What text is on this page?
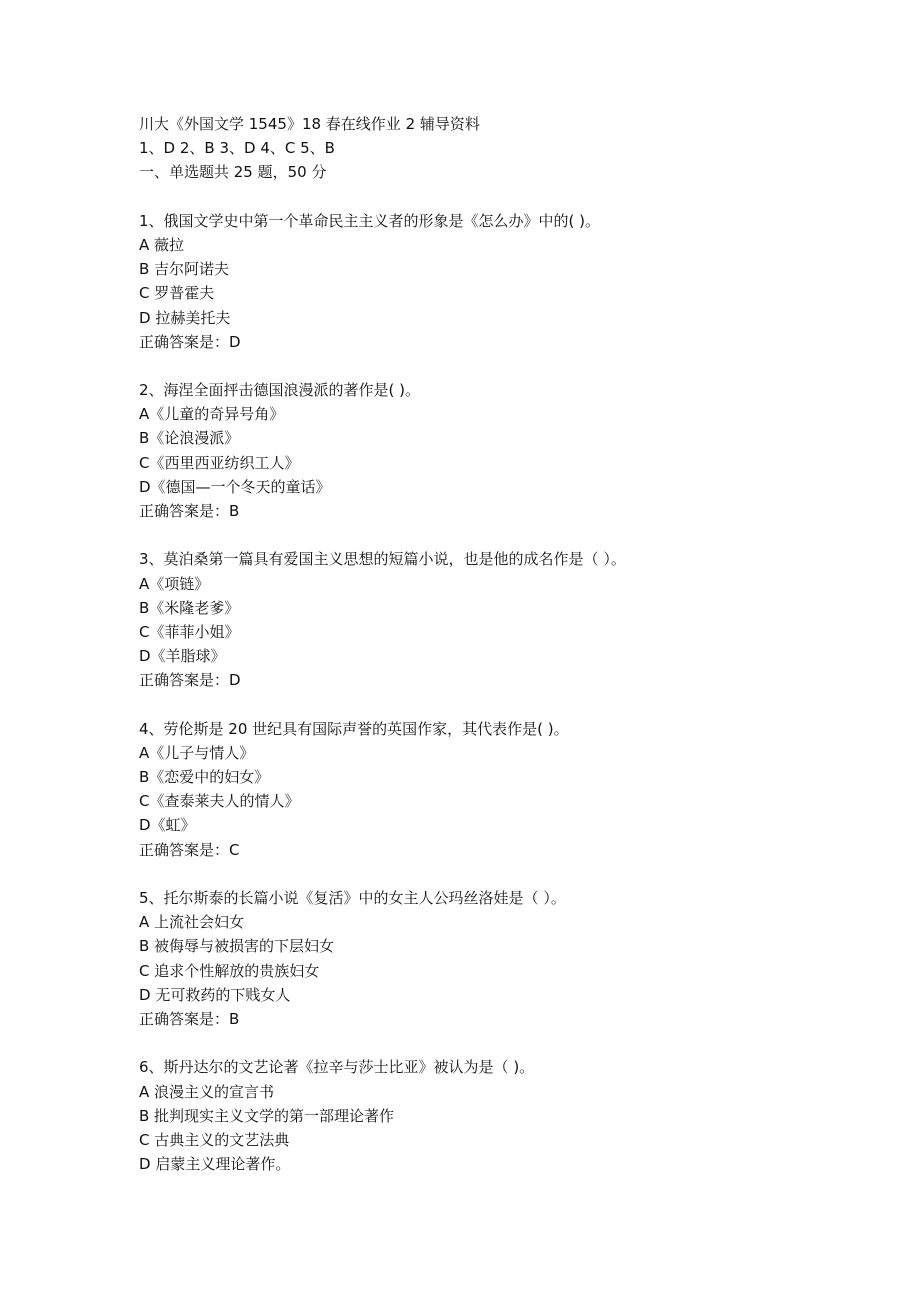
川大《外国文学 1545》18 春在线作业 2 辅导资料
1、D 2、B 3、D 4、C 5、B
一、单选题共 25 题，50 分
1、俄国文学史中第一个革命民主主义者的形象是《怎么办》中的( )。
A 薇拉
B 吉尔阿诺夫
C 罗普霍夫
D 拉赫美托夫
正确答案是：D
2、海涅全面抨击德国浪漫派的著作是( )。
A《儿童的奇异号角》
B《论浪漫派》
C《西里西亚纺织工人》
D《德国—一个冬天的童话》
正确答案是：B
3、莫泊桑第一篇具有爱国主义思想的短篇小说，也是他的成名作是（ ）。
A《项链》
B《米隆老爹》
C《菲菲小姐》
D《羊脂球》
正确答案是：D
4、劳伦斯是 20 世纪具有国际声誉的英国作家，其代表作是( )。
A《儿子与情人》
B《恋爱中的妇女》
C《查泰莱夫人的情人》
D《虹》
正确答案是：C
5、托尔斯泰的长篇小说《复活》中的女主人公玛丝洛娃是（ ）。
A 上流社会妇女
B 被侮辱与被损害的下层妇女
C 追求个性解放的贵族妇女
D 无可救药的下贱女人
正确答案是：B
6、斯丹达尔的文艺论著《拉辛与莎士比亚》被认为是（ )。
A 浪漫主义的宣言书
B 批判现实主义文学的第一部理论著作
C 古典主义的文艺法典
D 启蒙主义理论著作。
